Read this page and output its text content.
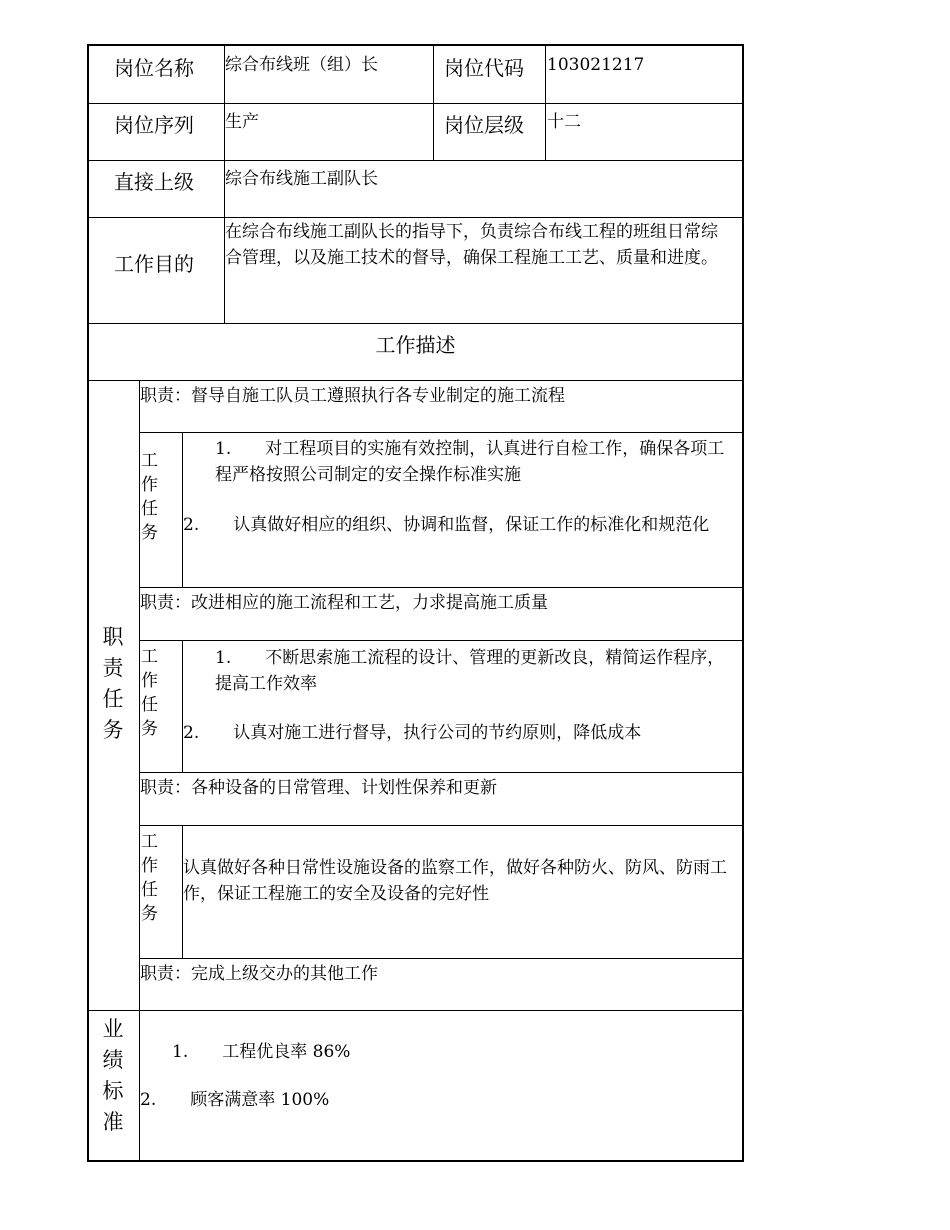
岗位名称 综合布线班（组）长	岗位代码 103021217
岗位序列 生产	岗位层级 十二
直接上级 综合布线施工副队长
工作目的
在综合布线施工副队长的指导下，负责综合布线工程的班组日常综合管理，以及施工技术的督导，确保工程施工工艺、质量和进度。
工作描述
职责任务
职责：督导自施工队员工遵照执行各专业制定的施工流程
工作任务
1.　　对工程项目的实施有效控制，认真进行自检工作，确保各项工程严格按照公司制定的安全操作标准实施
2.　　认真做好相应的组织、协调和监督，保证工作的标准化和规范化
职责：改进相应的施工流程和工艺，力求提高施工质量
工作任务
1.　　不断思索施工流程的设计、管理的更新改良，精简运作程序，提高工作效率
2.　　认真对施工进行督导，执行公司的节约原则，降低成本
职责：各种设备的日常管理、计划性保养和更新
工作任务
认真做好各种日常性设施设备的监察工作，做好各种防火、防风、防雨工作，保证工程施工的安全及设备的完好性
职责：完成上级交办的其他工作
业绩标准
1.　　工程优良率 86%
2.　　顾客满意率 100%
